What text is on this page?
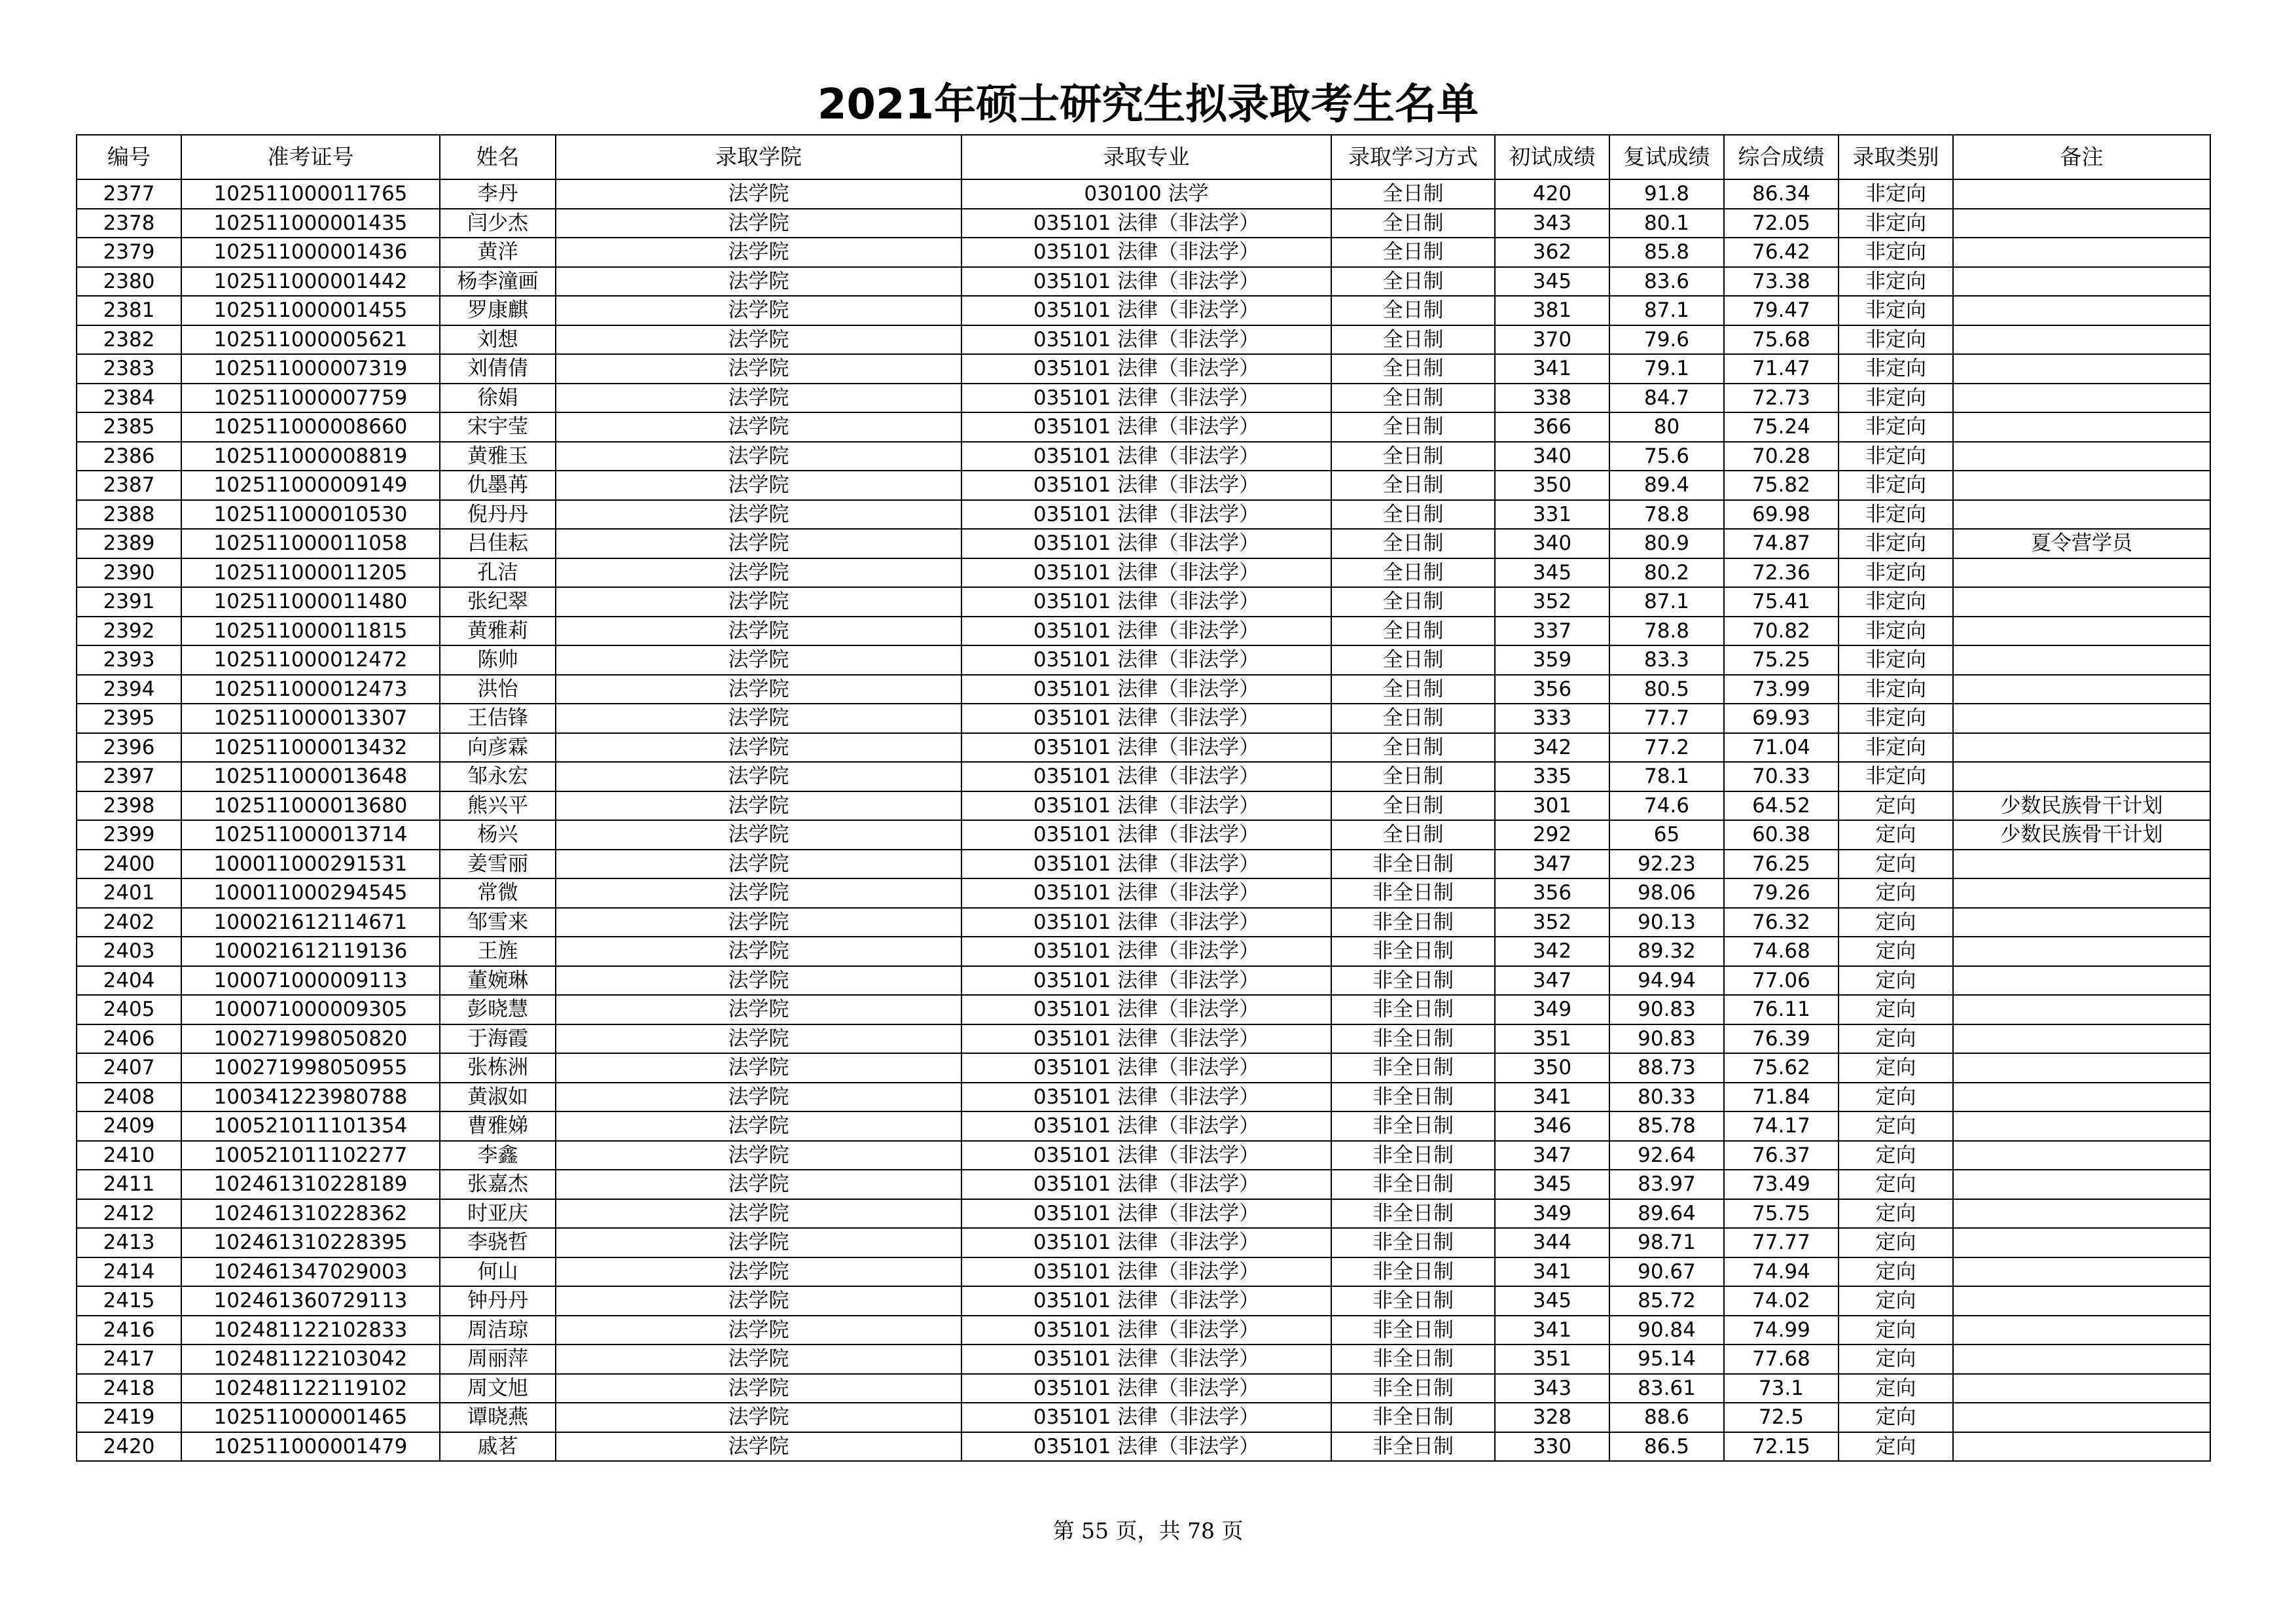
2021年硕士研究生拟录取考生名单
编号	准考证号	姓名	录取学院	录取专业	录取学习方式	初试成绩	复试成绩	综合成绩	录取类别	备注
2377	102511000011765	李丹	法学院	030100 法学	全日制	420	91.8	86.34	非定向	
2378	102511000001435	闫少杰	法学院	035101 法律（非法学）	全日制	343	80.1	72.05	非定向	
2379	102511000001436	黄洋	法学院	035101 法律（非法学）	全日制	362	85.8	76.42	非定向	
2380	102511000001442	杨李潼画	法学院	035101 法律（非法学）	全日制	345	83.6	73.38	非定向	
2381	102511000001455	罗康麒	法学院	035101 法律（非法学）	全日制	381	87.1	79.47	非定向	
2382	102511000005621	刘想	法学院	035101 法律（非法学）	全日制	370	79.6	75.68	非定向	
2383	102511000007319	刘倩倩	法学院	035101 法律（非法学）	全日制	341	79.1	71.47	非定向	
2384	102511000007759	徐娟	法学院	035101 法律（非法学）	全日制	338	84.7	72.73	非定向	
2385	102511000008660	宋宇莹	法学院	035101 法律（非法学）	全日制	366	80	75.24	非定向	
2386	102511000008819	黄雅玉	法学院	035101 法律（非法学）	全日制	340	75.6	70.28	非定向	
2387	102511000009149	仇墨苒	法学院	035101 法律（非法学）	全日制	350	89.4	75.82	非定向	
2388	102511000010530	倪丹丹	法学院	035101 法律（非法学）	全日制	331	78.8	69.98	非定向	
2389	102511000011058	吕佳耘	法学院	035101 法律（非法学）	全日制	340	80.9	74.87	非定向	夏令营学员
2390	102511000011205	孔洁	法学院	035101 法律（非法学）	全日制	345	80.2	72.36	非定向	
2391	102511000011480	张纪翠	法学院	035101 法律（非法学）	全日制	352	87.1	75.41	非定向	
2392	102511000011815	黄雅莉	法学院	035101 法律（非法学）	全日制	337	78.8	70.82	非定向	
2393	102511000012472	陈帅	法学院	035101 法律（非法学）	全日制	359	83.3	75.25	非定向	
2394	102511000012473	洪怡	法学院	035101 法律（非法学）	全日制	356	80.5	73.99	非定向	
2395	102511000013307	王佶锋	法学院	035101 法律（非法学）	全日制	333	77.7	69.93	非定向	
2396	102511000013432	向彦霖	法学院	035101 法律（非法学）	全日制	342	77.2	71.04	非定向	
2397	102511000013648	邹永宏	法学院	035101 法律（非法学）	全日制	335	78.1	70.33	非定向	
2398	102511000013680	熊兴平	法学院	035101 法律（非法学）	全日制	301	74.6	64.52	定向	少数民族骨干计划
2399	102511000013714	杨兴	法学院	035101 法律（非法学）	全日制	292	65	60.38	定向	少数民族骨干计划
2400	100011000291531	姜雪丽	法学院	035101 法律（非法学）	非全日制	347	92.23	76.25	定向	
2401	100011000294545	常微	法学院	035101 法律（非法学）	非全日制	356	98.06	79.26	定向	
2402	100021612114671	邹雪来	法学院	035101 法律（非法学）	非全日制	352	90.13	76.32	定向	
2403	100021612119136	王旌	法学院	035101 法律（非法学）	非全日制	342	89.32	74.68	定向	
2404	100071000009113	董婉琳	法学院	035101 法律（非法学）	非全日制	347	94.94	77.06	定向	
2405	100071000009305	彭晓慧	法学院	035101 法律（非法学）	非全日制	349	90.83	76.11	定向	
2406	100271998050820	于海霞	法学院	035101 法律（非法学）	非全日制	351	90.83	76.39	定向	
2407	100271998050955	张栋洲	法学院	035101 法律（非法学）	非全日制	350	88.73	75.62	定向	
2408	100341223980788	黄淑如	法学院	035101 法律（非法学）	非全日制	341	80.33	71.84	定向	
2409	100521011101354	曹雅娣	法学院	035101 法律（非法学）	非全日制	346	85.78	74.17	定向	
2410	100521011102277	李鑫	法学院	035101 法律（非法学）	非全日制	347	92.64	76.37	定向	
2411	102461310228189	张嘉杰	法学院	035101 法律（非法学）	非全日制	345	83.97	73.49	定向	
2412	102461310228362	时亚庆	法学院	035101 法律（非法学）	非全日制	349	89.64	75.75	定向	
2413	102461310228395	李骁哲	法学院	035101 法律（非法学）	非全日制	344	98.71	77.77	定向	
2414	102461347029003	何山	法学院	035101 法律（非法学）	非全日制	341	90.67	74.94	定向	
2415	102461360729113	钟丹丹	法学院	035101 法律（非法学）	非全日制	345	85.72	74.02	定向	
2416	102481122102833	周洁琼	法学院	035101 法律（非法学）	非全日制	341	90.84	74.99	定向	
2417	102481122103042	周丽萍	法学院	035101 法律（非法学）	非全日制	351	95.14	77.68	定向	
2418	102481122119102	周文旭	法学院	035101 法律（非法学）	非全日制	343	83.61	73.1	定向	
2419	102511000001465	谭晓燕	法学院	035101 法律（非法学）	非全日制	328	88.6	72.5	定向	
2420	102511000001479	戚茗	法学院	035101 法律（非法学）	非全日制	330	86.5	72.15	定向	
第 55 页，共 78 页
